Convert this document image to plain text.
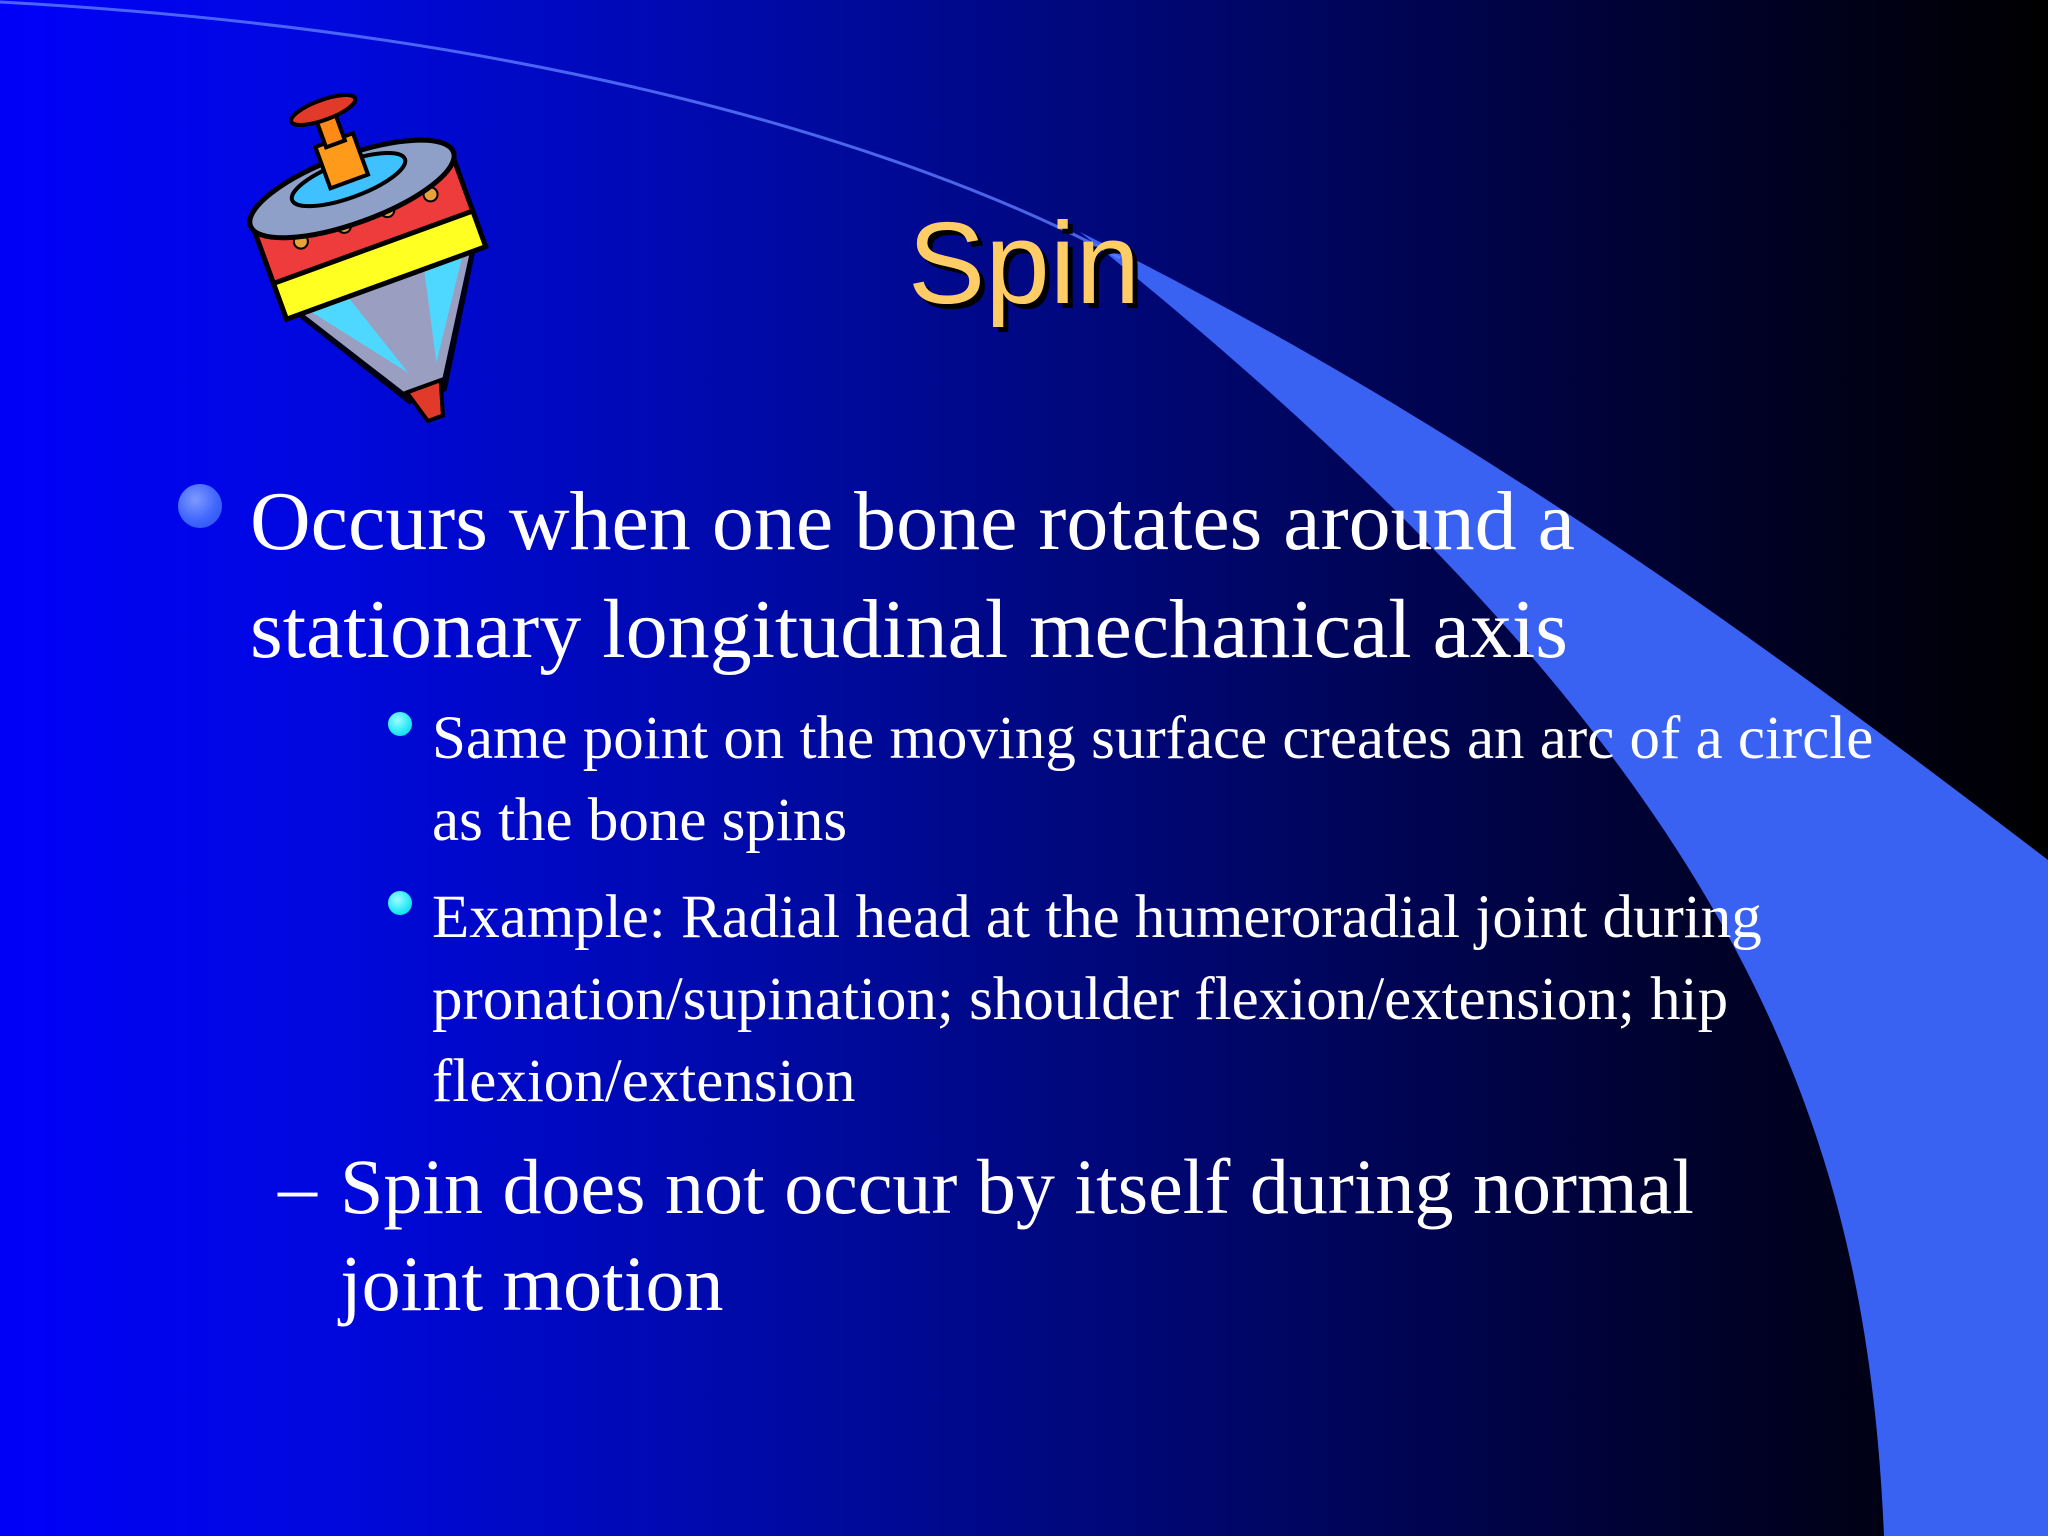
Spin
Occurs when one bone rotates around a stationary longitudinal mechanical axis
Same point on the moving surface creates an arc of a circle as the bone spins
Example: Radial head at the humeroradial joint during pronation/supination; shoulder flexion/extension; hip flexion/extension
– Spin does not occur by itself during normal joint motion
